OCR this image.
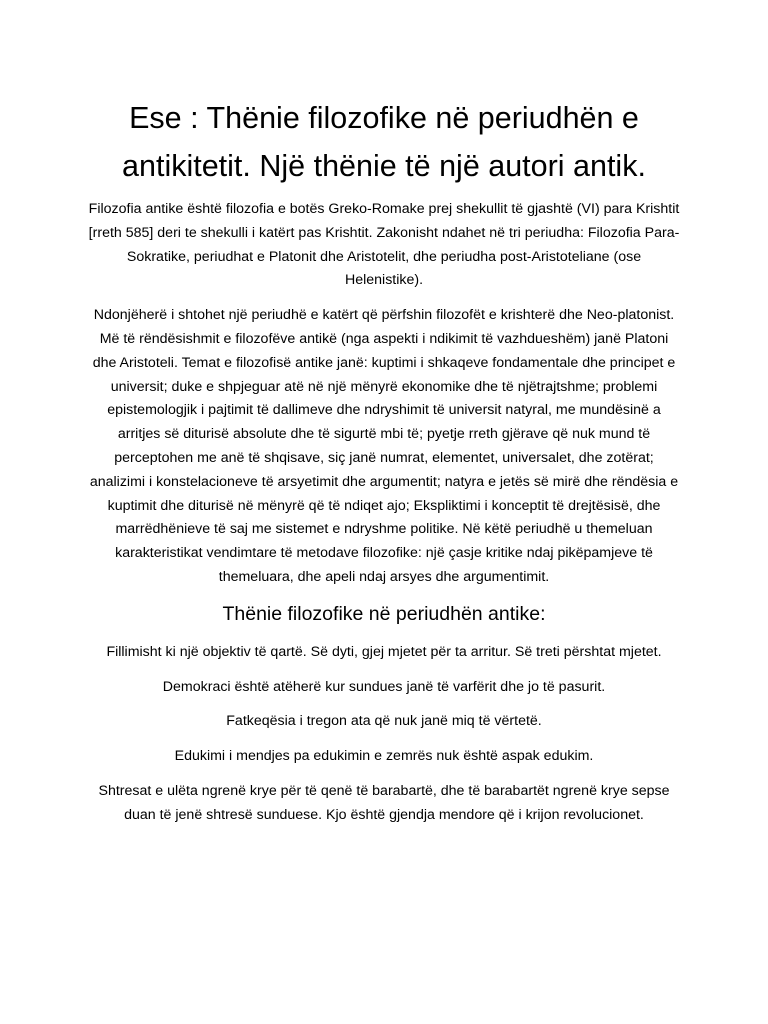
Ese : Thënie filozofike në periudhën e antikitetit. Një thënie të një autori antik.

Filozofia antike është filozofia e botës Greko-Romake prej shekullit të gjashtë (VI) para Krishtit [rreth 585] deri te shekulli i katërt pas Krishtit. Zakonisht ndahet në tri periudha: Filozofia Para-Sokratike, periudhat e Platonit dhe Aristotelit, dhe periudha post-Aristoteliane (ose Helenistike).

Ndonjëherë i shtohet një periudhë e katërt që përfshin filozofët e krishterë dhe Neo-platonist. Më të rëndësishmit e filozofëve antikë (nga aspekti i ndikimit të vazhdueshëm) janë Platoni dhe Aristoteli. Temat e filozofisë antike janë: kuptimi i shkaqeve fondamentale dhe principet e universit; duke e shpjeguar atë në një mënyrë ekonomike dhe të njëtrajtshme; problemi epistemologjik i pajtimit të dallimeve dhe ndryshimit të universit natyral, me mundësinë a arritjes së diturisë absolute dhe të sigurtë mbi të; pyetje rreth gjërave që nuk mund të perceptohen me anë të shqisave, siç janë numrat, elementet, universalet, dhe zotërat; analizimi i konstelacioneve të arsyetimit dhe argumentit; natyra e jetës së mirë dhe rëndësia e kuptimit dhe diturisë në mënyrë që të ndiqet ajo; Ekspliktimi i konceptit të drejtësisë, dhe marrëdhënieve të saj me sistemet e ndryshme politike. Në këtë periudhë u themeluan karakteristikat vendimtare të metodave filozofike: një çasje kritike ndaj pikëpamjeve të themeluara, dhe apeli ndaj arsyes dhe argumentimit.

Thënie filozofike në periudhën antike:

Fillimisht ki një objektiv të qartë. Së dyti, gjej mjetet për ta arritur. Së treti përshtat mjetet.

Demokraci është atëherë kur sundues janë të varfërit dhe jo të pasurit.

Fatkeqësia i tregon ata që nuk janë miq të vërtetë.

Edukimi i mendjes pa edukimin e zemrës nuk është aspak edukim.

Shtresat e ulëta ngrenë krye për të qenë të barabartë, dhe të barabartët ngrenë krye sepse duan të jenë shtresë sunduese. Kjo është gjendja mendore që i krijon revolucionet.
